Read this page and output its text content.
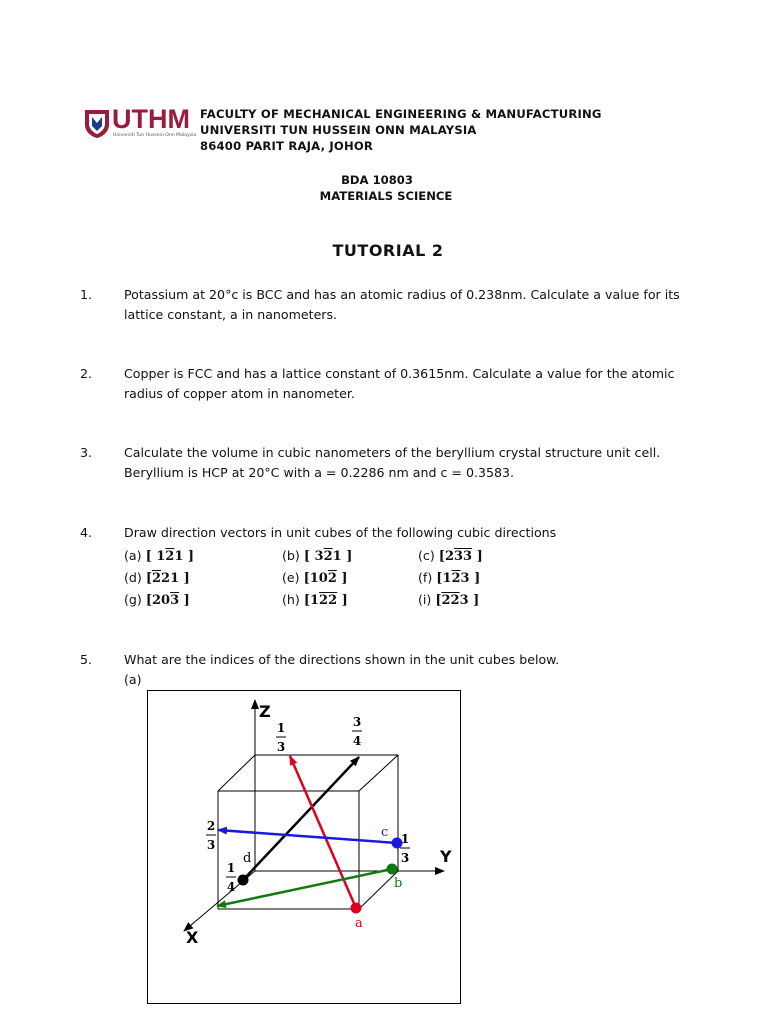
UTHM
Universiti Tun Hussein Onn Malaysia
FACULTY OF MECHANICAL ENGINEERING & MANUFACTURING
UNIVERSITI TUN HUSSEIN ONN MALAYSIA
86400 PARIT RAJA, JOHOR
BDA 10803
MATERIALS SCIENCE
TUTORIAL 2
1.	Potassium at 20°c is BCC and has an atomic radius of 0.238nm. Calculate a value for its lattice constant, a in nanometers.
2.	Copper is FCC and has a lattice constant of 0.3615nm. Calculate a value for the atomic radius of copper atom in nanometer.
3.	Calculate the volume in cubic nanometers of the beryllium crystal structure unit cell. Beryllium is HCP at 20°C with a = 0.2286 nm and c = 0.3583.
4.	Draw direction vectors in unit cubes of the following cubic directions
(a) [ 121 ]	(b) [ 321 ]	(c) [233 ]
(d) [221 ]	(e) [102 ]	(f) [123 ]
(g) [203 ]	(h) [122 ]	(i) [223 ]
5.	What are the indices of the directions shown in the unit cubes below.
(a)
Z
Y
X
1
3
3
4
2
3	1
3
1
4
a
b
c
d
